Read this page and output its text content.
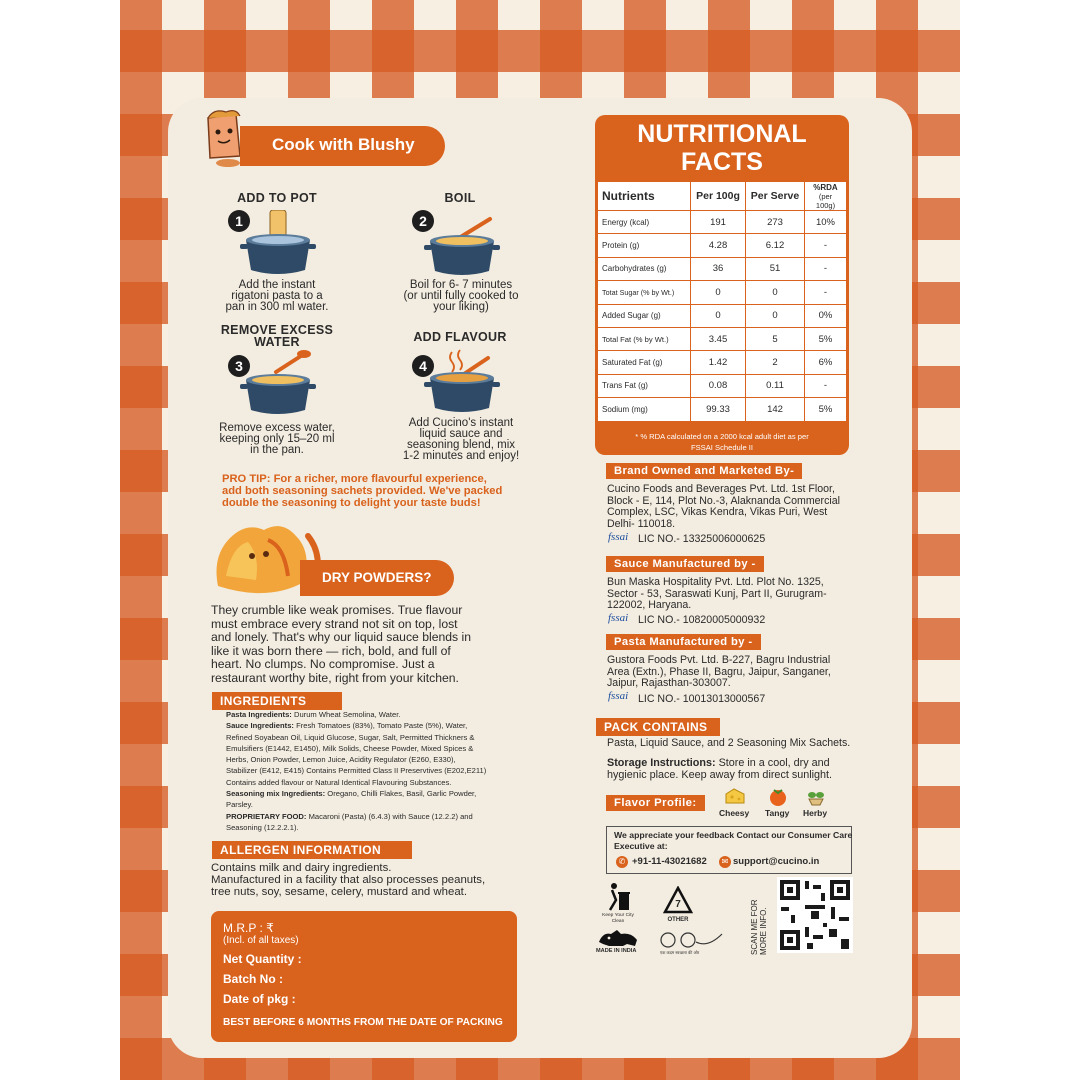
Cook with Blushy
ADD TO POT
1
Add the instant
rigatoni pasta to a
pan in 300 ml water.
BOIL
2
Boil for 6- 7 minutes
(or until fully cooked to
your liking)
REMOVE EXCESS
WATER
3
Remove excess water,
keeping only 15–20 ml
in the pan.
ADD FLAVOUR
4
Add Cucino's instant
liquid sauce and
seasoning blend, mix
1-2 minutes and enjoy!
PRO TIP: For a richer, more flavourful experience,
add both seasoning sachets provided. We've packed
double the seasoning to delight your taste buds!
DRY POWDERS?
They crumble like weak promises. True flavour
must embrace every strand not sit on top, lost
and lonely. That's why our liquid sauce blends in
like it was born there — rich, bold, and full of
heart. No clumps. No compromise. Just a
restaurant worthy bite, right from your kitchen.
INGREDIENTS
Pasta Ingredients: Durum Wheat Semolina, Water.
Sauce Ingredients: Fresh Tomatoes (83%), Tomato Paste (5%), Water,
Refined Soyabean Oil, Liquid Glucose, Sugar, Salt, Permitted Thickners &
Emulsifiers (E1442, E1450), Milk Solids, Cheese Powder, Mixed Spices &
Herbs, Onion Powder, Lemon Juice, Acidity Regulator (E260, E330),
Stabilizer (E412, E415) Contains Permitted Class II Preservtives (E202,E211)
Contains added flavour or Natural Identical Flavouring Substances.
Seasoning mix Ingredients: Oregano, Chilli Flakes, Basil, Garlic Powder,
Parsley.
PROPRIETARY FOOD: Macaroni (Pasta) (6.4.3) with Sauce (12.2.2) and
Seasoning (12.2.2.1).
ALLERGEN INFORMATION
Contains milk and dairy ingredients.
Manufactured in a facility that also processes peanuts,
tree nuts, soy, sesame, celery, mustard and wheat.
M.R.P : ₹
(Incl. of all taxes)
Net Quantity :
Batch No :
Date of pkg :
BEST BEFORE 6 MONTHS FROM THE DATE OF PACKING
NUTRITIONAL
FACTS
Nutrients	Per 100g	Per Serve	%RDA
(per 100g)
Energy (kcal)	191	273	10%
Protein (g)	4.28	6.12	-
Carbohydrates (g)	36	51	-
Totat Sugar (% by Wt.)	0	0	-
Added Sugar (g)	0	0	0%
Total Fat (% by Wt.)	3.45	5	5%
Saturated Fat (g)	1.42	2	6%
Trans Fat (g)	0.08	0.11	-
Sodium (mg)	99.33	142	5%
* % RDA calculated on a 2000 kcal adult diet as per
FSSAI Schedule II
Brand Owned and Marketed By-
Cucino Foods and Beverages Pvt. Ltd. 1st Floor,
Block - E, 114, Plot No.-3, Alaknanda Commercial
Complex, LSC, Vikas Kendra, Vikas Puri, West
Delhi- 110018.
fssai LIC NO.- 13325006000625
Sauce Manufactured by -
Bun Maska Hospitality Pvt. Ltd. Plot No. 1325,
Sector - 53, Saraswati Kunj, Part II, Gurugram-
122002, Haryana.
fssai LIC NO.- 10820005000932
Pasta Manufactured by -
Gustora Foods Pvt. Ltd. B-227, Bagru Industrial
Area (Extn.), Phase II, Bagru, Jaipur, Sanganer,
Jaipur, Rajasthan-303007.
fssai LIC NO.- 10013013000567
PACK CONTAINS
Pasta, Liquid Sauce, and 2 Seasoning Mix Sachets.
Storage Instructions: Store in a cool, dry and
hygienic place. Keep away from direct sunlight.
Flavor Profile:
Cheesy Tangy Herby
We appreciate your feedback Contact our Consumer Care
Executive at:
✆ +91-11-43021682	✉ support@cucino.in
Keep Your City Clean
7
OTHER
MADE IN INDIA	एक कदम स्वच्छता की ओर	SCAN ME FOR MORE INFO.
